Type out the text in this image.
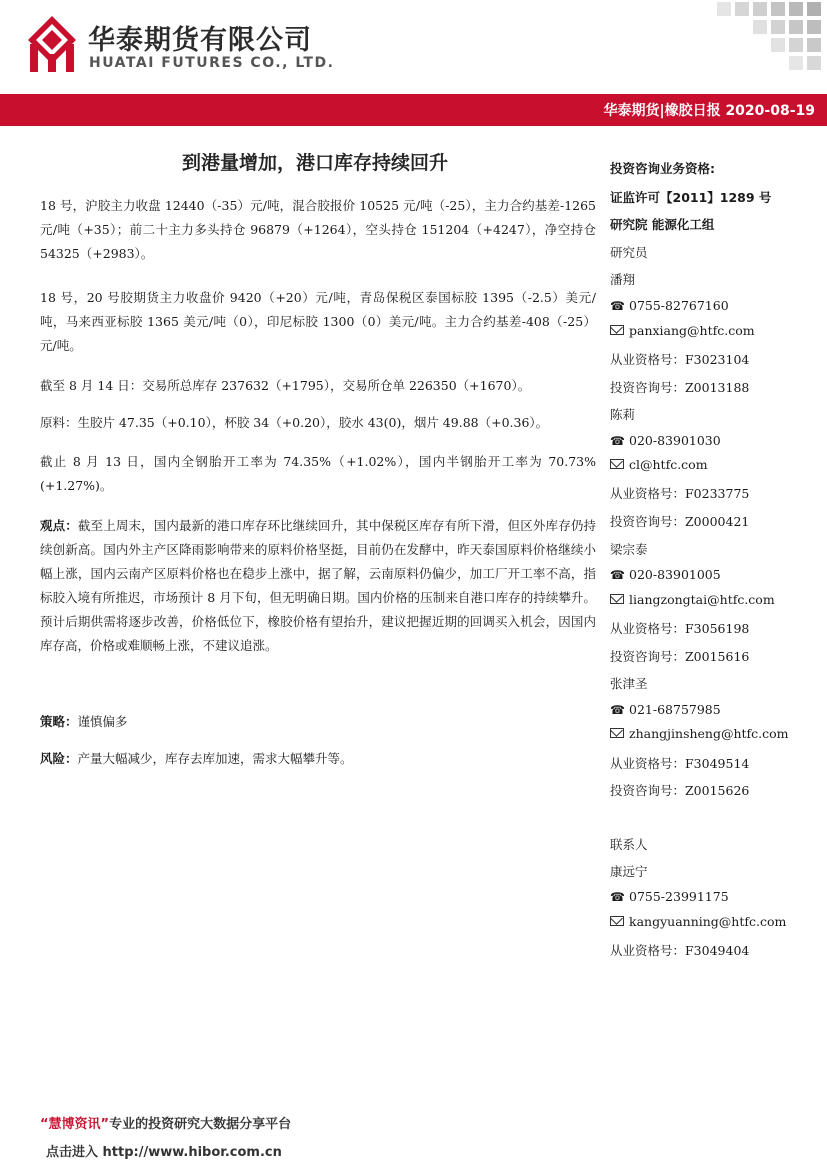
华泰期货有限公司
HUATAI FUTURES CO., LTD.
华泰期货|橡胶日报 2020-08-19
到港量增加，港口库存持续回升

18 号，沪胶主力收盘 12440（-35）元/吨，混合胶报价 10525 元/吨（-25），主力合约基差-1265 元/吨（+35）；前二十主力多头持仓 96879（+1264），空头持仓 151204（+4247），净空持仓 54325（+2983）。

18 号，20 号胶期货主力收盘价 9420（+20）元/吨，青岛保税区泰国标胶 1395（-2.5）美元/吨，马来西亚标胶 1365 美元/吨（0），印尼标胶 1300（0）美元/吨。主力合约基差-408（-25）元/吨。

截至 8 月 14 日：交易所总库存 237632（+1795），交易所仓单 226350（+1670）。

原料：生胶片 47.35（+0.10），杯胶 34（+0.20），胶水 43(0)，烟片 49.88（+0.36）。

截止 8 月 13 日，国内全钢胎开工率为 74.35%（+1.02%），国内半钢胎开工率为 70.73%(+1.27%)。

观点：截至上周末，国内最新的港口库存环比继续回升，其中保税区库存有所下滑，但区外库存仍持续创新高。国内外主产区降雨影响带来的原料价格坚挺，目前仍在发酵中，昨天泰国原料价格继续小幅上涨，国内云南产区原料价格也在稳步上涨中，据了解，云南原料仍偏少，加工厂开工率不高，指标胶入境有所推迟，市场预计 8 月下旬，但无明确日期。国内价格的压制来自港口库存的持续攀升。预计后期供需将逐步改善，价格低位下，橡胶价格有望抬升，建议把握近期的回调买入机会，因国内库存高，价格或难顺畅上涨，不建议追涨。

策略：谨慎偏多

风险：产量大幅减少，库存去库加速，需求大幅攀升等。

投资咨询业务资格:
证监许可【2011】1289 号
研究院 能源化工组
研究员
潘翔
☎ 0755-82767160
panxiang@htfc.com
从业资格号：F3023104
投资咨询号：Z0013188
陈莉
☎ 020-83901030
cl@htfc.com
从业资格号：F0233775
投资咨询号：Z0000421
梁宗泰
☎ 020-83901005
liangzongtai@htfc.com
从业资格号：F3056198
投资咨询号：Z0015616
张津圣
☎ 021-68757985
zhangjinsheng@htfc.com
从业资格号：F3049514
投资咨询号：Z0015626
联系人
康远宁
☎ 0755-23991175
kangyuanning@htfc.com
从业资格号：F3049404
“慧博资讯”专业的投资研究大数据分享平台
点击进入 http://www.hibor.com.cn
